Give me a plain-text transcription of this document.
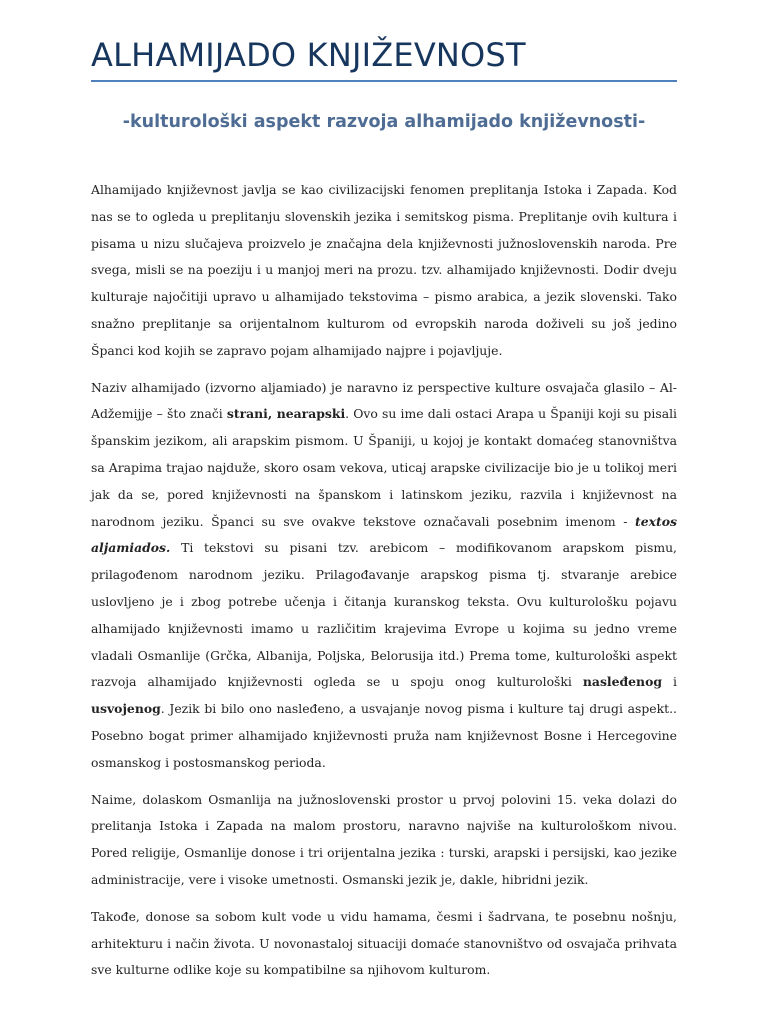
ALHAMIJADO KNJIŽEVNOST
-kulturološki aspekt razvoja alhamijado književnosti-

Alhamijado književnost javlja se kao civilizacijski fenomen preplitanja Istoka i Zapada. Kod nas se to ogleda u preplitanju slovenskih jezika i semitskog pisma. Preplitanje ovih kultura i pisama u nizu slučajeva proizvelo je značajna dela književnosti južnoslovenskih naroda. Pre svega, misli se na poeziju i u manjoj meri na prozu. tzv. alhamijado književnosti. Dodir dveju kulturaje najočitiji upravo u alhamijado tekstovima – pismo arabica, a jezik slovenski. Tako snažno preplitanje sa orijentalnom kulturom od evropskih naroda doživeli su još jedino Španci kod kojih se zapravo pojam alhamijado najpre i pojavljuje.

Naziv alhamijado (izvorno aljamiado) je naravno iz perspective kulture osvajača glasilo – Al-Adžemijje – što znači strani, nearapski. Ovo su ime dali ostaci Arapa u Španiji koji su pisali španskim jezikom, ali arapskim pismom. U Španiji, u kojoj je kontakt domaćeg stanovništva sa Arapima trajao najduže, skoro osam vekova, uticaj arapske civilizacije bio je u tolikoj meri jak da se, pored književnosti na španskom i latinskom jeziku, razvila i književnost na narodnom jeziku. Španci su sve ovakve tekstove označavali posebnim imenom - textos aljamiados. Ti tekstovi su pisani tzv. arebicom – modifikovanom arapskom pismu, prilagođenom narodnom jeziku. Prilagođavanje arapskog pisma tj. stvaranje arebice uslovljeno je i zbog potrebe učenja i čitanja kuranskog teksta. Ovu kulturološku pojavu alhamijado književnosti imamo u različitim krajevima Evrope u kojima su jedno vreme vladali Osmanlije (Grčka, Albanija, Poljska, Belorusija itd.) Prema tome, kulturološki aspekt razvoja alhamijado književnosti ogleda se u spoju onog kulturološki nasleđenog i usvojenog. Jezik bi bilo ono nasleđeno, a usvajanje novog pisma i kulture taj drugi aspekt.. Posebno bogat primer alhamijado književnosti pruža nam književnost Bosne i Hercegovine osmanskog i postosmanskog perioda.

Naime, dolaskom Osmanlija na južnoslovenski prostor u prvoj polovini 15. veka dolazi do prelitanja Istoka i Zapada na malom prostoru, naravno najviše na kulturološkom nivou. Pored religije, Osmanlije donose i tri orijentalna jezika : turski, arapski i persijski, kao jezike administracije, vere i visoke umetnosti. Osmanski jezik je, dakle, hibridni jezik.

Takođe, donose sa sobom kult vode u vidu hamama, česmi i šadrvana, te posebnu nošnju, arhitekturu i način života. U novonastaloj situaciji domaće stanovništvo od osvajača prihvata sve kulturne odlike koje su kompatibilne sa njihovom kulturom.
